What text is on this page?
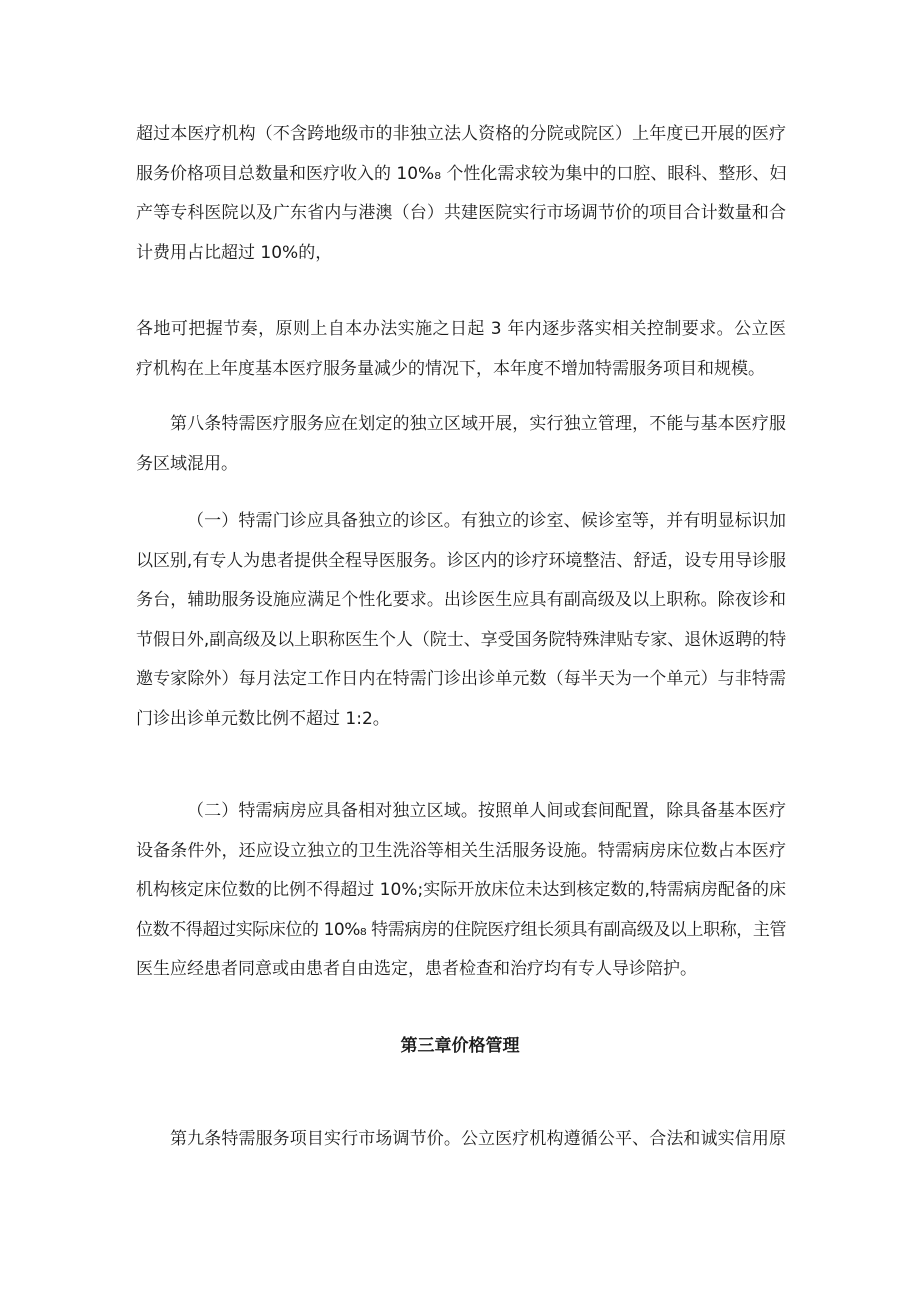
超过本医疗机构（不含跨地级市的非独立法人资格的分院或院区）上年度已开展的医疗
服务价格项目总数量和医疗收入的 10%₈ 个性化需求较为集中的口腔、眼科、整形、妇
产等专科医院以及广东省内与港澳（台）共建医院实行市场调节价的项目合计数量和合
计费用占比超过 10%的，
各地可把握节奏，原则上自本办法实施之日起 3 年内逐步落实相关控制要求。公立医
疗机构在上年度基本医疗服务量减少的情况下，本年度不增加特需服务项目和规模。
第八条特需医疗服务应在划定的独立区域开展，实行独立管理，不能与基本医疗服
务区域混用。
（一）特需门诊应具备独立的诊区。有独立的诊室、候诊室等，并有明显标识加
以区别,有专人为患者提供全程导医服务。诊区内的诊疗环境整洁、舒适，设专用导诊服
务台，辅助服务设施应满足个性化要求。出诊医生应具有副高级及以上职称。除夜诊和
节假日外,副高级及以上职称医生个人（院士、享受国务院特殊津贴专家、退休返聘的特
邀专家除外）每月法定工作日内在特需门诊出诊单元数（每半天为一个单元）与非特需
门诊出诊单元数比例不超过 1:2。
（二）特需病房应具备相对独立区域。按照单人间或套间配置，除具备基本医疗
设备条件外，还应设立独立的卫生洗浴等相关生活服务设施。特需病房床位数占本医疗
机构核定床位数的比例不得超过 10%;实际开放床位未达到核定数的,特需病房配备的床
位数不得超过实际床位的 10%₈ 特需病房的住院医疗组长须具有副高级及以上职称，主管
医生应经患者同意或由患者自由选定，患者检查和治疗均有专人导诊陪护。
第三章价格管理
第九条特需服务项目实行市场调节价。公立医疗机构遵循公平、合法和诚实信用原
